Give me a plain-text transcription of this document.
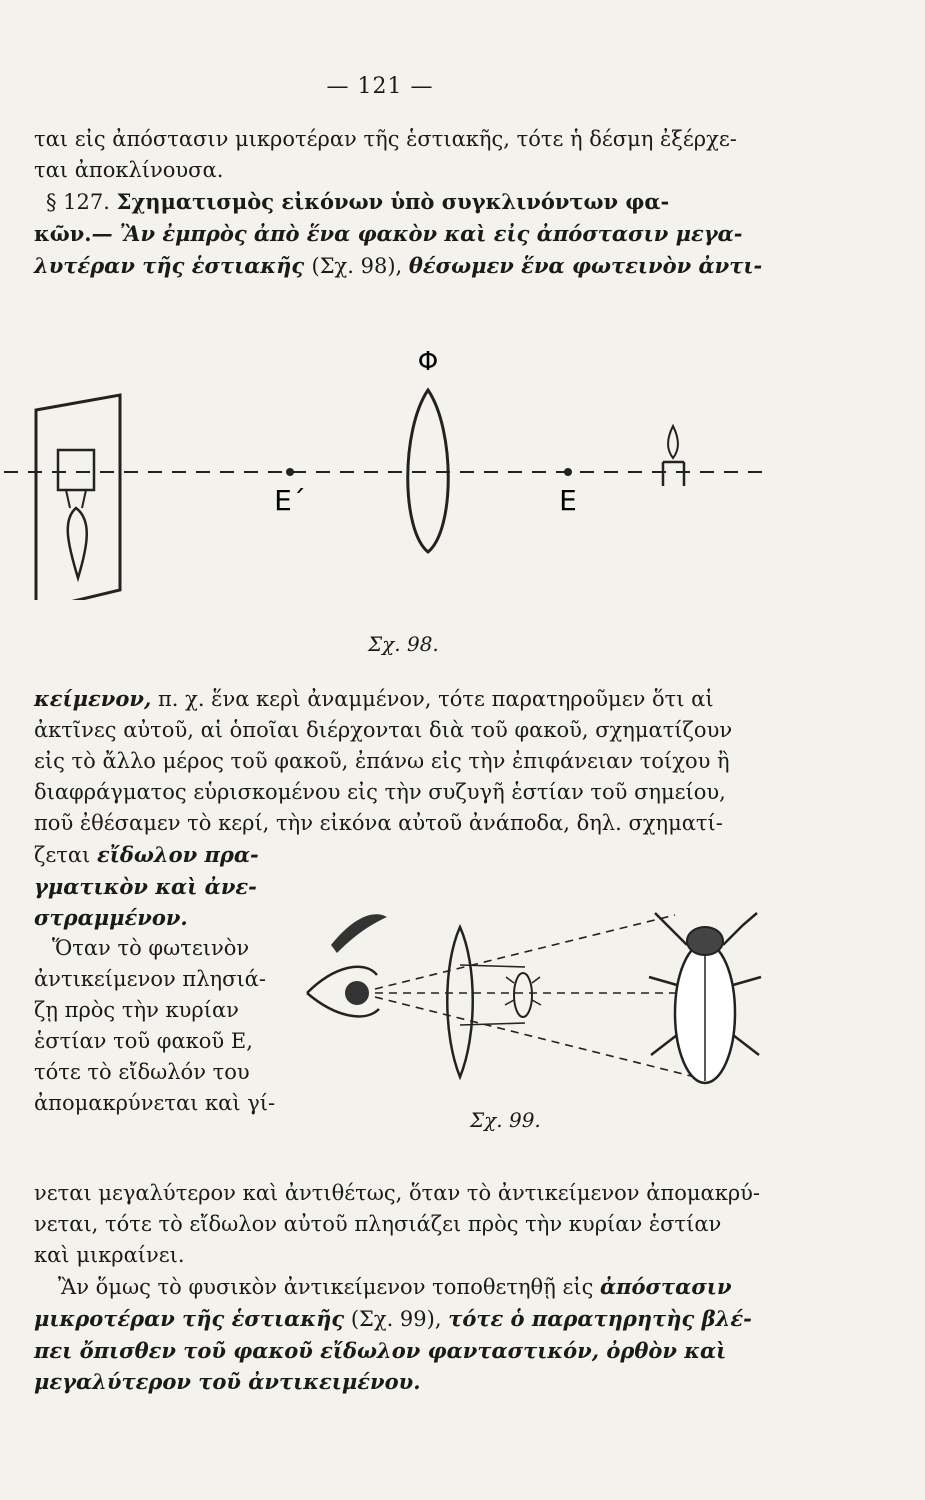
— 121 —
ται εἰς ἀπόστασιν μικροτέραν τῆς ἑστιακῆς, τότε ἡ δέσμη ἐξέρχε-
ται ἀποκλίνουσα.
§ 127. Σχηματισμὸς εἰκόνων ὑπὸ συγκλινόντων φα-
κῶν.— Ἂν ἐμπρὸς ἀπὸ ἕνα φακὸν καὶ εἰς ἀπόστασιν μεγα-
λυτέραν τῆς ἑστιακῆς (Σχ. 98), θέσωμεν ἕνα φωτεινὸν ἀντι-
Φ
Ε΄	Ε
Σχ. 98.
κείμενον, π. χ. ἕνα κερὶ ἀναμμένον, τότε παρατηροῦμεν ὅτι αἱ
ἀκτῖνες αὐτοῦ, αἱ ὁποῖαι διέρχονται διὰ τοῦ φακοῦ, σχηματίζουν
εἰς τὸ ἄλλο μέρος τοῦ φακοῦ, ἐπάνω εἰς τὴν ἐπιφάνειαν τοίχου ἢ
διαφράγματος εὑρισκομένου εἰς τὴν συζυγῆ ἑστίαν τοῦ σημείου,
ποῦ ἐθέσαμεν τὸ κερί, τὴν εἰκόνα αὐτοῦ ἀνάποδα, δηλ. σχηματί-
ζεται εἴδωλον πρα-
γματικὸν καὶ ἀνε-
στραμμένον.
Ὅταν τὸ φωτεινὸν
ἀντικείμενον πλησιά-
ζῃ πρὸς τὴν κυρίαν
ἑστίαν τοῦ φακοῦ Ε,
τότε τὸ εἴδωλόν του
ἀπομακρύνεται καὶ γί-
Σχ. 99.
νεται μεγαλύτερον καὶ ἀντιθέτως, ὅταν τὸ ἀντικείμενον ἀπομακρύ-
νεται, τότε τὸ εἴδωλον αὐτοῦ πλησιάζει πρὸς τὴν κυρίαν ἑστίαν
καὶ μικραίνει.
Ἂν ὅμως τὸ φυσικὸν ἀντικείμενον τοποθετηθῇ εἰς ἀπόστασιν
μικροτέραν τῆς ἑστιακῆς (Σχ. 99), τότε ὁ παρατηρητὴς βλέ-
πει ὄπισθεν τοῦ φακοῦ εἴδωλον φανταστικόν, ὀρθὸν καὶ
μεγαλύτερον τοῦ ἀντικειμένου.
